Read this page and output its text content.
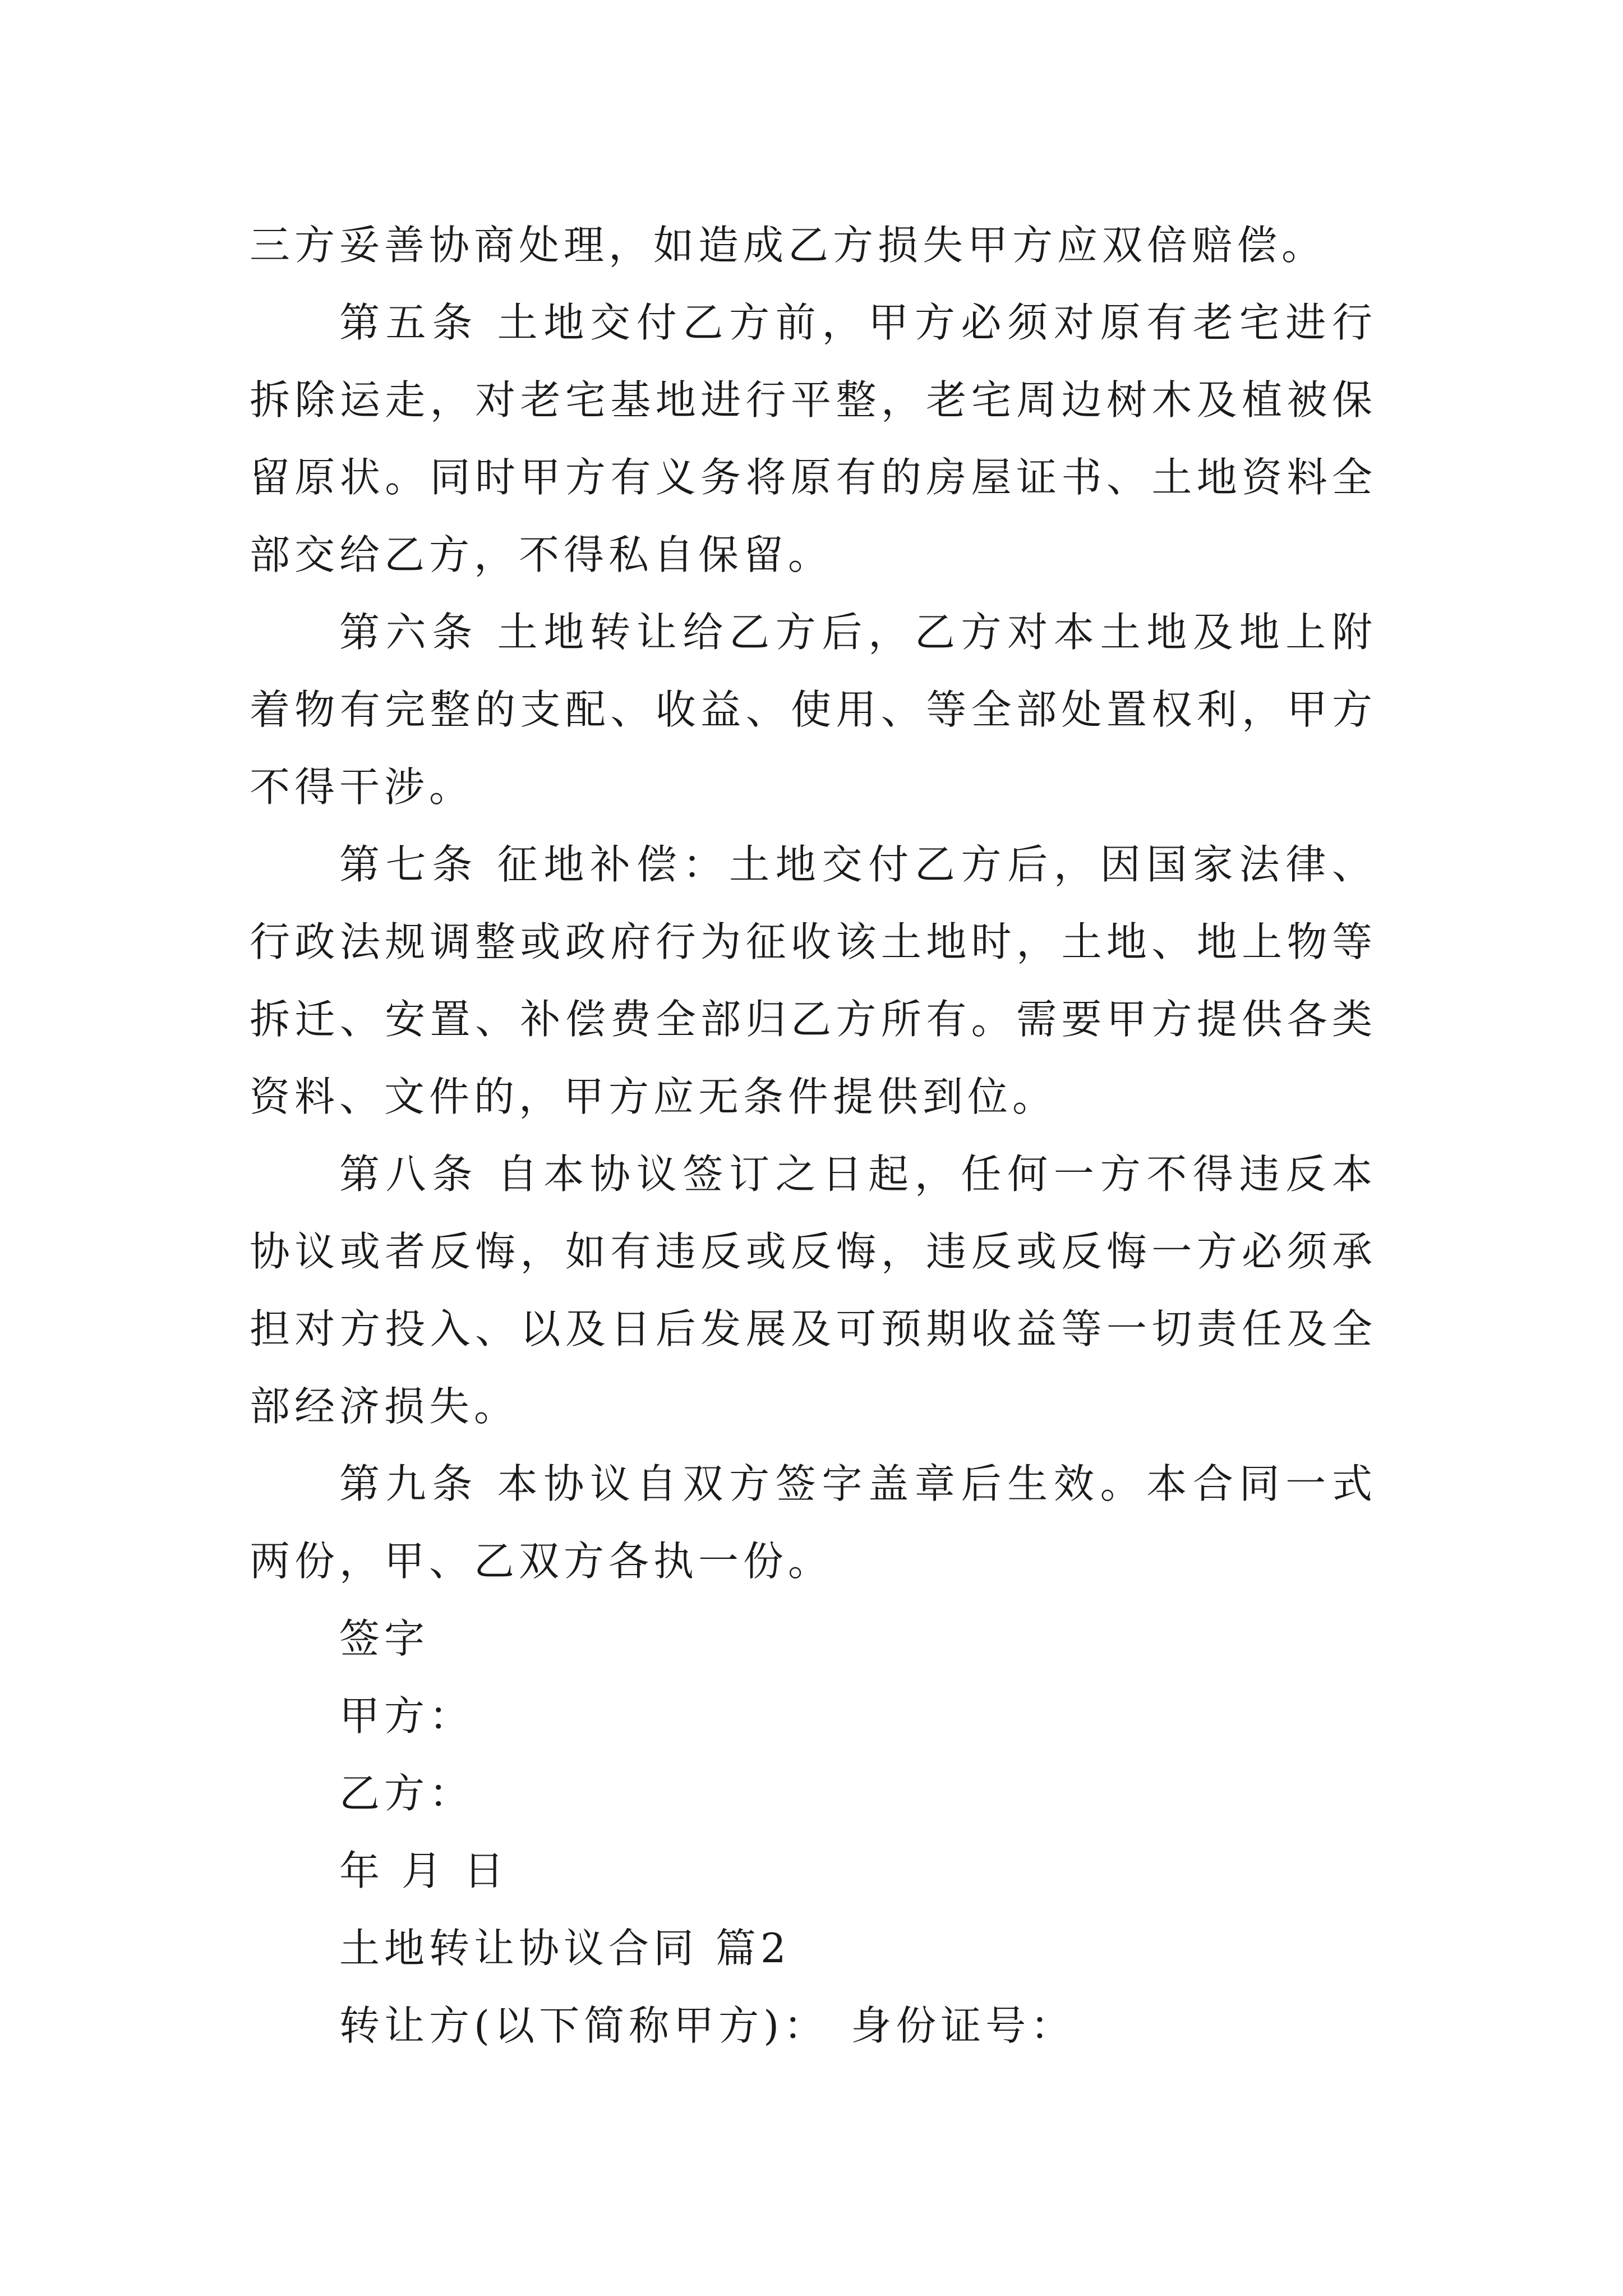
三方妥善协商处理，如造成乙方损失甲方应双倍赔偿。

第五条 土地交付乙方前，甲方必须对原有老宅进行拆除运走，对老宅基地进行平整，老宅周边树木及植被保留原状。同时甲方有义务将原有的房屋证书、土地资料全部交给乙方，不得私自保留。

第六条 土地转让给乙方后，乙方对本土地及地上附着物有完整的支配、收益、使用、等全部处置权利，甲方不得干涉。

第七条 征地补偿：土地交付乙方后，因国家法律、行政法规调整或政府行为征收该土地时，土地、地上物等拆迁、安置、补偿费全部归乙方所有。需要甲方提供各类资料、文件的，甲方应无条件提供到位。

第八条 自本协议签订之日起，任何一方不得违反本协议或者反悔，如有违反或反悔，违反或反悔一方必须承担对方投入、以及日后发展及可预期收益等一切责任及全部经济损失。

第九条 本协议自双方签字盖章后生效。本合同一式两份，甲、乙双方各执一份。

签字

甲方：

乙方：

年 月 日

土地转让协议合同 篇2

转让方(以下简称甲方)： 身份证号：
